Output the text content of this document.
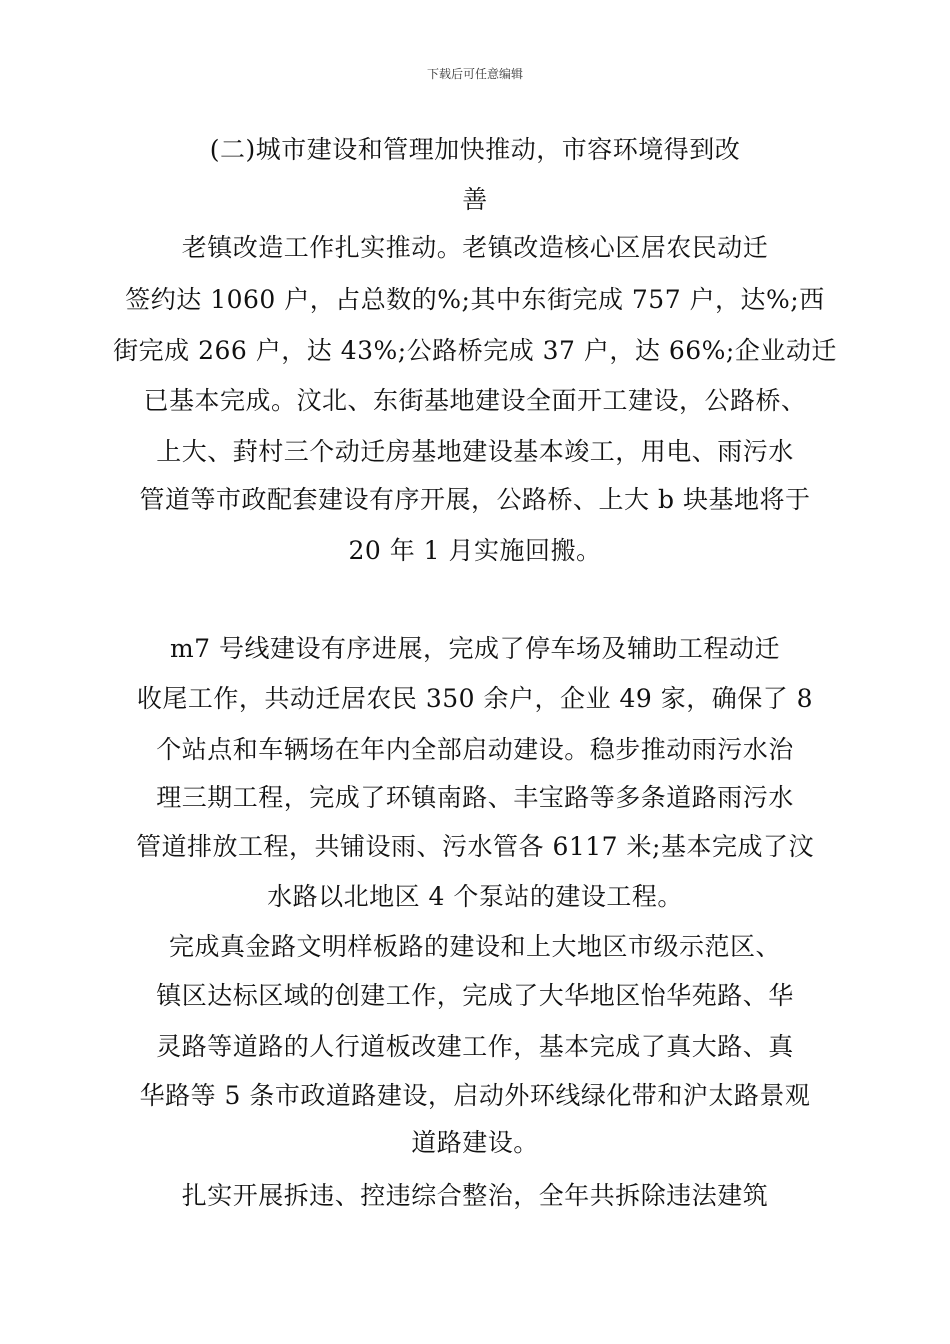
下载后可任意编辑
(二)城市建设和管理加快推动，市容环境得到改
善
老镇改造工作扎实推动。老镇改造核心区居农民动迁
签约达 1060 户，占总数的%;其中东街完成 757 户，达%;西
街完成 266 户，达 43%;公路桥完成 37 户，达 66%;企业动迁
已基本完成。汶北、东街基地建设全面开工建设，公路桥、
上大、葑村三个动迁房基地建设基本竣工，用电、雨污水
管道等市政配套建设有序开展，公路桥、上大 b 块基地将于
20 年 1 月实施回搬。
m7 号线建设有序进展，完成了停车场及辅助工程动迁
收尾工作，共动迁居农民 350 余户，企业 49 家，确保了 8
个站点和车辆场在年内全部启动建设。稳步推动雨污水治
理三期工程，完成了环镇南路、丰宝路等多条道路雨污水
管道排放工程，共铺设雨、污水管各 6117 米;基本完成了汶
水路以北地区 4 个泵站的建设工程。
完成真金路文明样板路的建设和上大地区市级示范区、
镇区达标区域的创建工作，完成了大华地区怡华苑路、华
灵路等道路的人行道板改建工作，基本完成了真大路、真
华路等 5 条市政道路建设，启动外环线绿化带和沪太路景观
道路建设。
扎实开展拆违、控违综合整治，全年共拆除违法建筑
